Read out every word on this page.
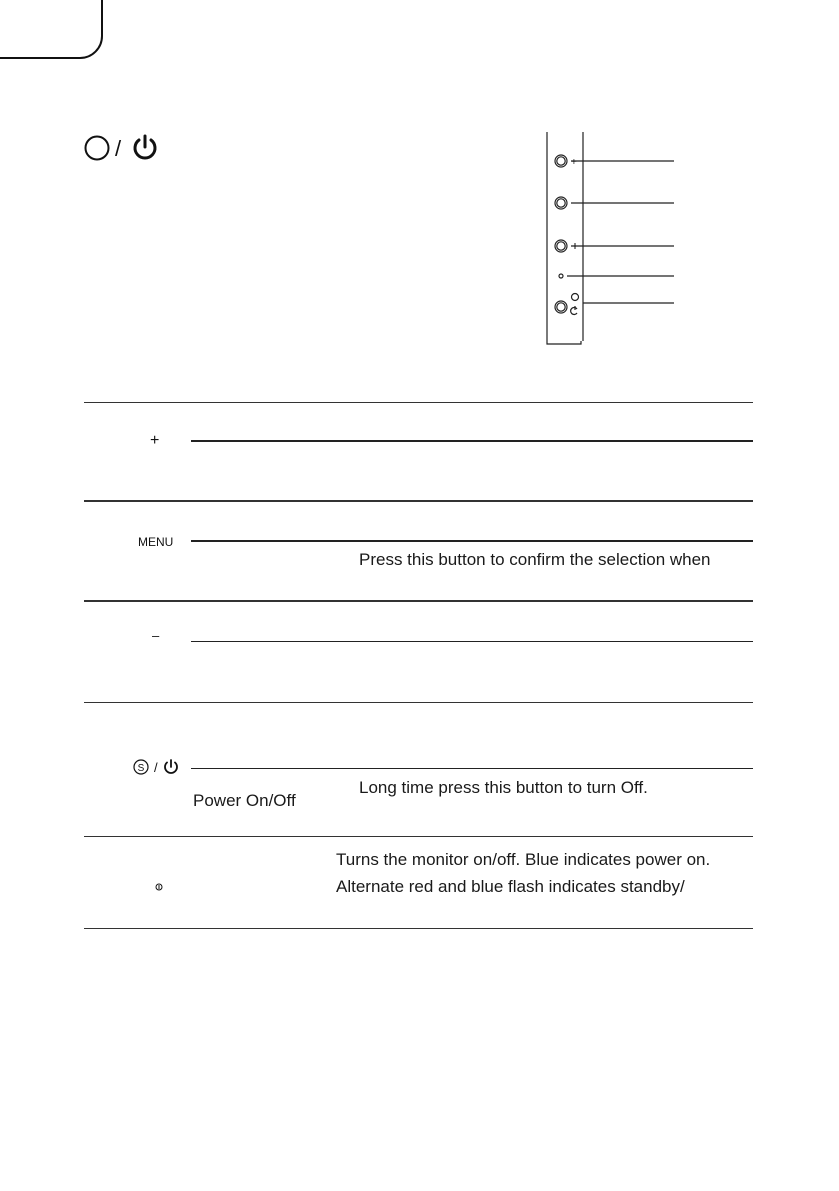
/
+
+
MENU

Press this button to confirm the selection when

–
S /

Long time press this button to turn Off.

Power On/Off

Turns the monitor on/off. Blue indicates power on.

Alternate red and blue flash indicates standby/
